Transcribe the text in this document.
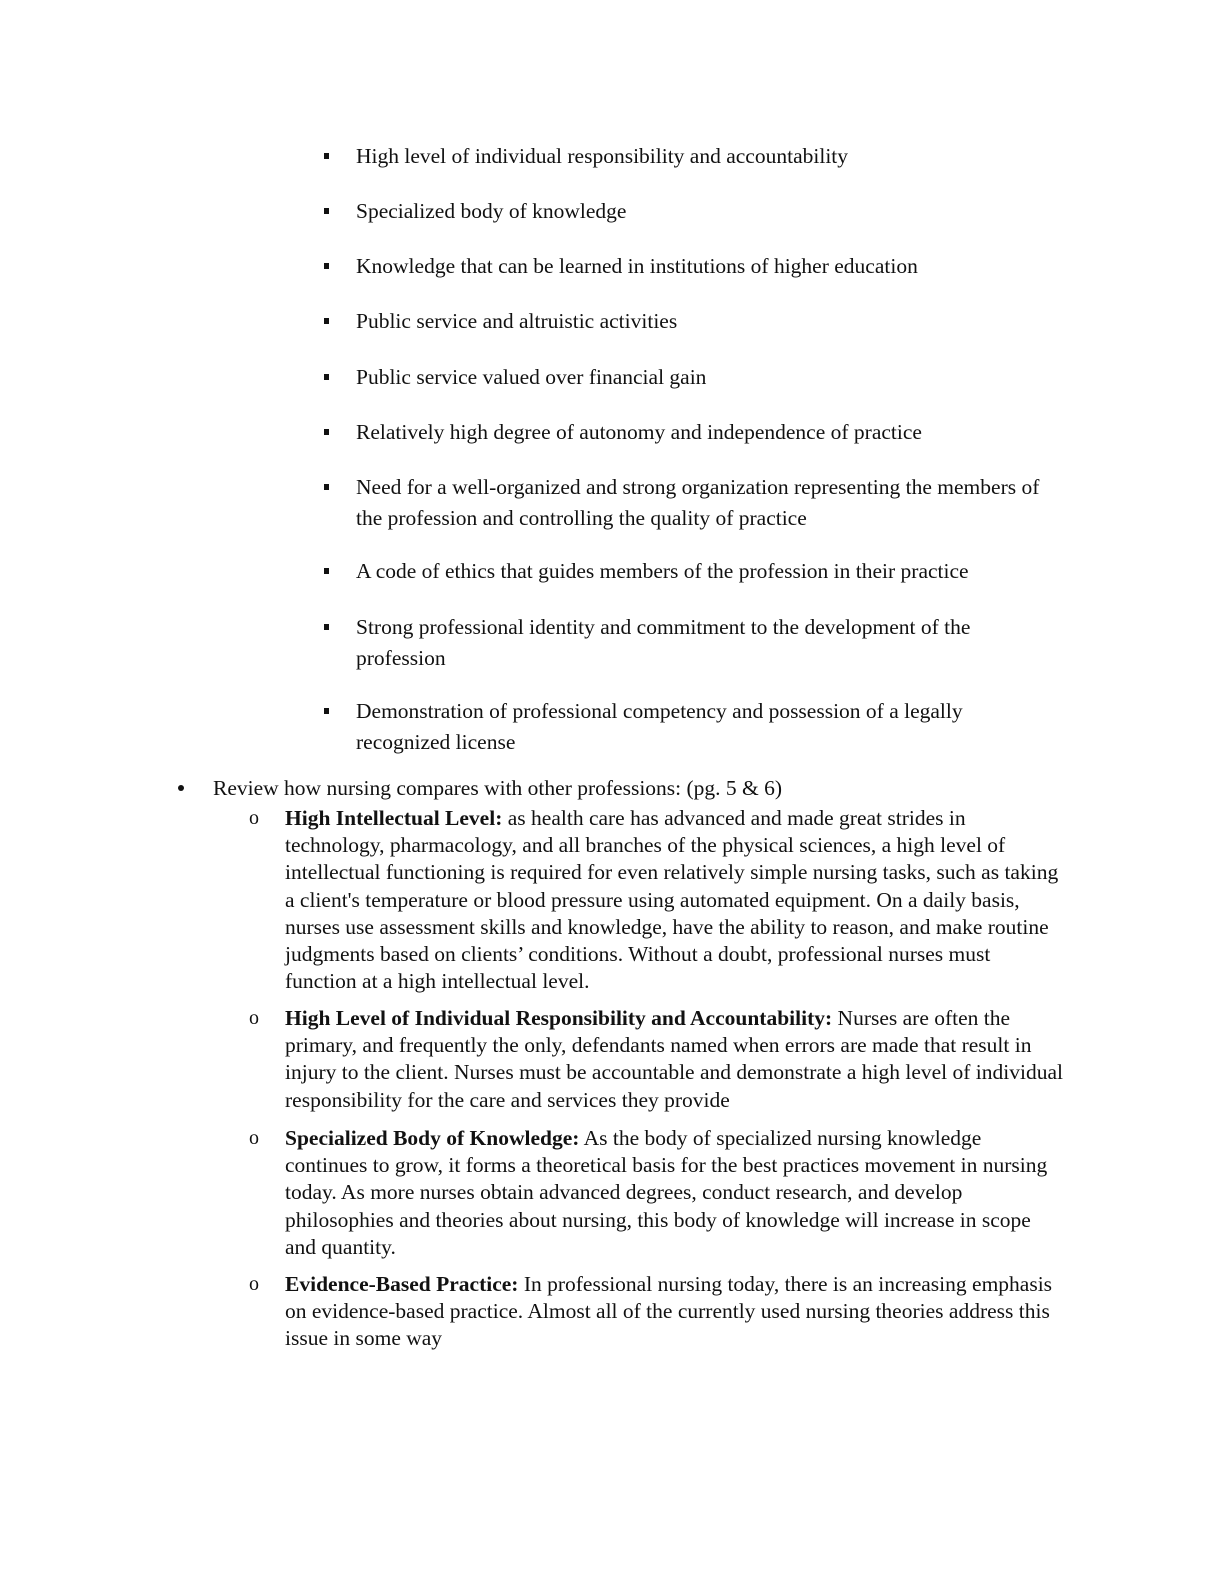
High level of individual responsibility and accountability
Specialized body of knowledge
Knowledge that can be learned in institutions of higher education
Public service and altruistic activities
Public service valued over financial gain
Relatively high degree of autonomy and independence of practice
Need for a well-organized and strong organization representing the members of the profession and controlling the quality of practice
A code of ethics that guides members of the profession in their practice
Strong professional identity and commitment to the development of the profession
Demonstration of professional competency and possession of a legally recognized license
Review how nursing compares with other professions: (pg. 5 & 6)
o High Intellectual Level: as health care has advanced and made great strides in technology, pharmacology, and all branches of the physical sciences, a high level of intellectual functioning is required for even relatively simple nursing tasks, such as taking a client's temperature or blood pressure using automated equipment. On a daily basis, nurses use assessment skills and knowledge, have the ability to reason, and make routine judgments based on clients’ conditions. Without a doubt, professional nurses must function at a high intellectual level.
o High Level of Individual Responsibility and Accountability: Nurses are often the primary, and frequently the only, defendants named when errors are made that result in injury to the client. Nurses must be accountable and demonstrate a high level of individual responsibility for the care and services they provide
o Specialized Body of Knowledge: As the body of specialized nursing knowledge continues to grow, it forms a theoretical basis for the best practices movement in nursing today. As more nurses obtain advanced degrees, conduct research, and develop philosophies and theories about nursing, this body of knowledge will increase in scope and quantity.
o Evidence-Based Practice: In professional nursing today, there is an increasing emphasis on evidence-based practice. Almost all of the currently used nursing theories address this issue in some way
